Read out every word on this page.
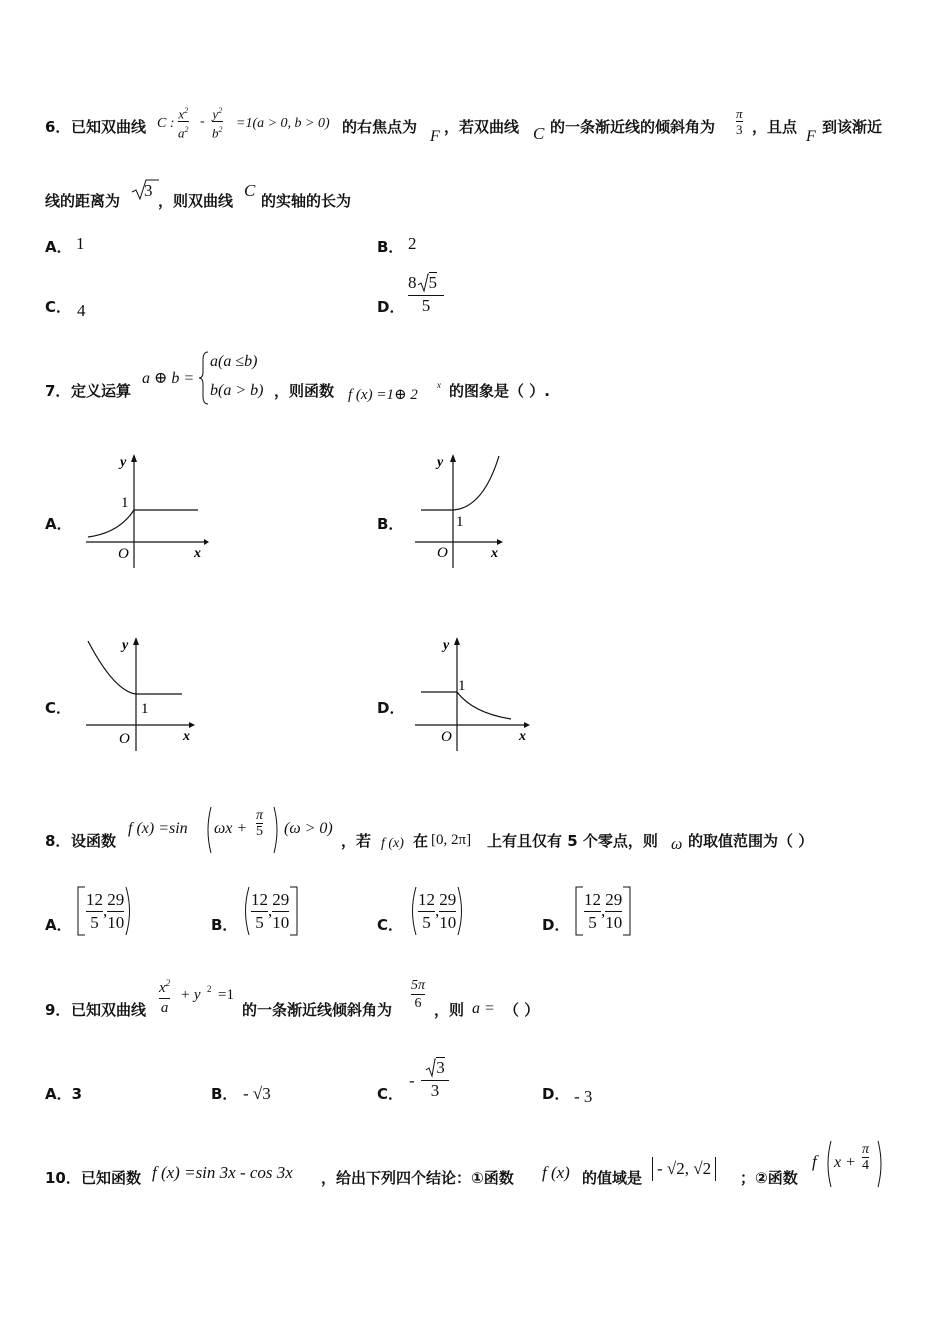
6． 已知双曲线 C :
$x^2$
$a^2$
-
$y^2$
$b^2 =1(a > 0$, b > 0) 的右焦点为
F
，若双曲线 C 的一条渐近线的倾斜角为
π
3 ，且点
F
到该渐近
线的距离为
3
，则双曲线
C
的实轴的长为
A． 1	B． 2
C． 4	D．
8 5
5
7． 定义运算
a ⊕ b =
a(a ≤b)
b(a > b) ，则函数 f (x) =1⊕ 2
x 的图象是（ ）.
A．	B．
C．	D．
y
x
O
1
y
x
O
1
y
x
O
1
y
x
O
1
8． 设函数
f (x) =sin ωx +
π
5 (ω > 0)
，若 f (x) 在 [0, 2π] 上有且仅有 5 个零点，则 ω 的取值范围为（ ）
A．
12
5
,
29
10	B．
12
5
,
29
10	C．
12
5
,
29
10	D．
12
5
,
29
10
9． 已知双曲线
$x^2$
a
+ y 2 =1
的一条渐近线倾斜角为
5π
6 ，则 a = （ ）
A．3	B． - √3	C．
-
3
3	D． - 3
10． 已知函数 f (x) =sin 3x - cos 3x ，给出下列四个结论：①函数 f (x) 的值域是 - √2, √2	；②函数
f x +
π
4
